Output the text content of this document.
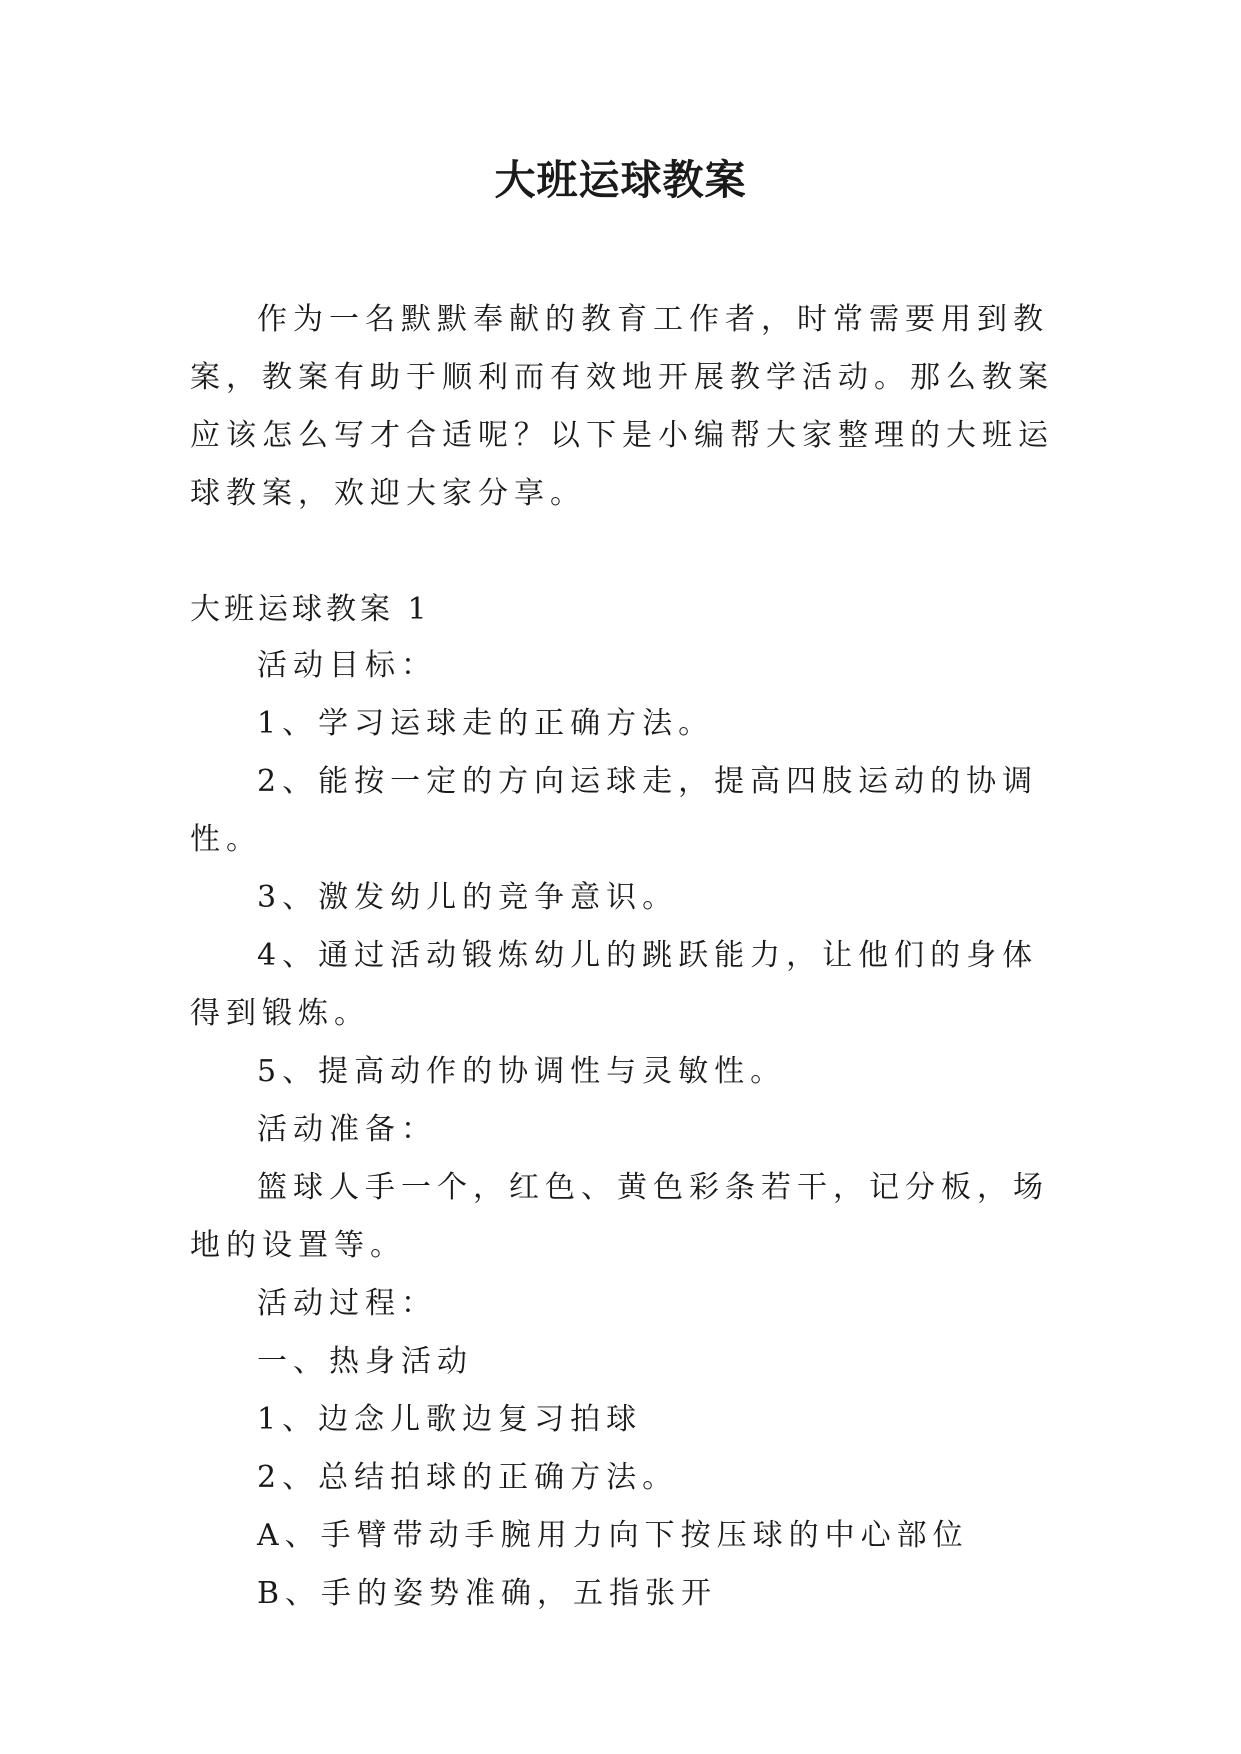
大班运球教案

作为一名默默奉献的教育工作者，时常需要用到教案，教案有助于顺利而有效地开展教学活动。那么教案应该怎么写才合适呢？以下是小编帮大家整理的大班运球教案，欢迎大家分享。

大班运球教案 1

活动目标：

1、学习运球走的正确方法。

2、能按一定的方向运球走，提高四肢运动的协调性。

3、激发幼儿的竞争意识。

4、通过活动锻炼幼儿的跳跃能力，让他们的身体得到锻炼。

5、提高动作的协调性与灵敏性。

活动准备：

篮球人手一个，红色、黄色彩条若干，记分板，场地的设置等。

活动过程：

一、热身活动

1、边念儿歌边复习拍球

2、总结拍球的正确方法。

A、手臂带动手腕用力向下按压球的中心部位

B、手的姿势准确，五指张开
